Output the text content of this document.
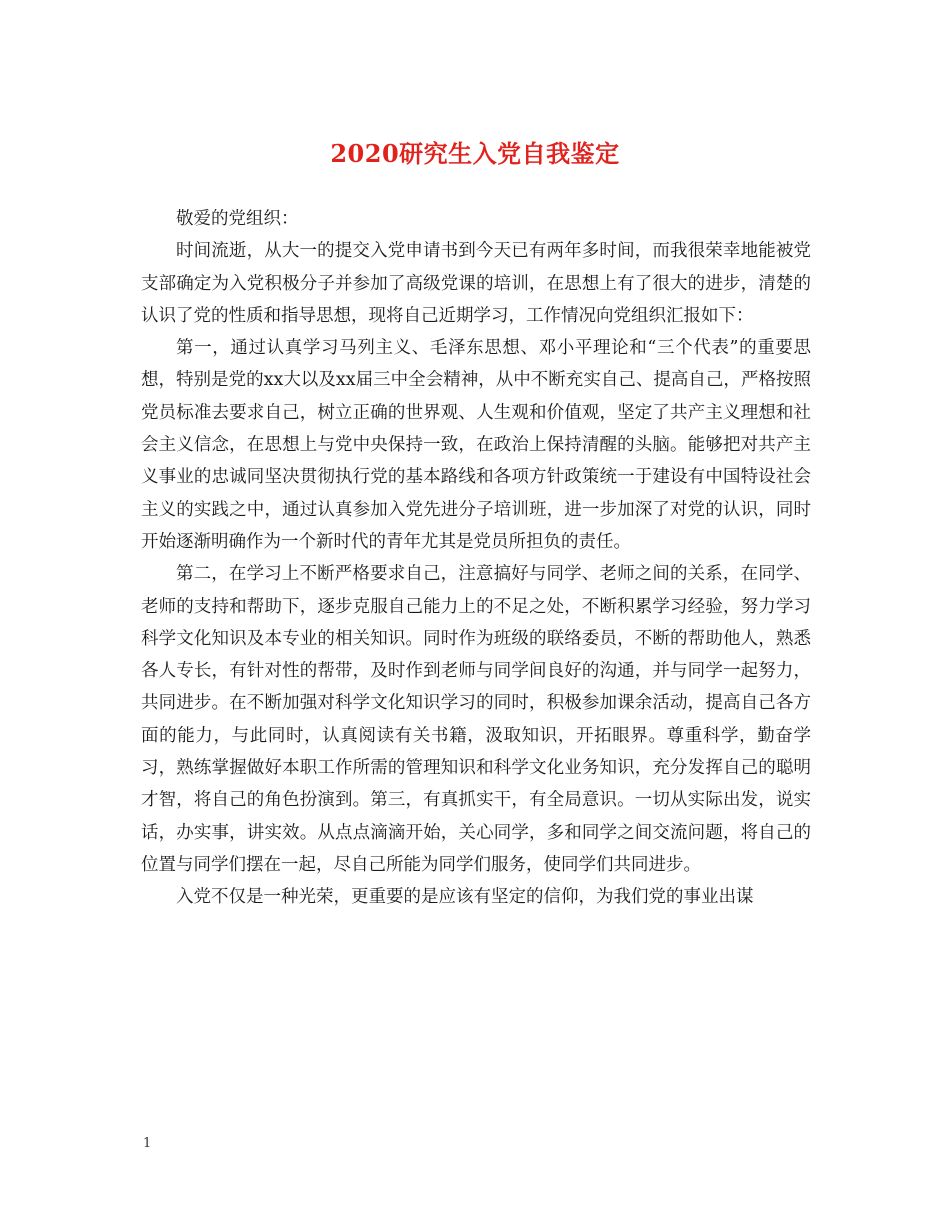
2020研究生入党自我鉴定

敬爱的党组织：

时间流逝，从大一的提交入党申请书到今天已有两年多时间，而我很荣幸地能被党支部确定为入党积极分子并参加了高级党课的培训，在思想上有了很大的进步，清楚的认识了党的性质和指导思想，现将自己近期学习，工作情况向党组织汇报如下：

第一，通过认真学习马列主义、毛泽东思想、邓小平理论和“三个代表”的重要思想，特别是党的xx大以及xx届三中全会精神，从中不断充实自己、提高自己，严格按照党员标准去要求自己，树立正确的世界观、人生观和价值观，坚定了共产主义理想和社会主义信念，在思想上与党中央保持一致，在政治上保持清醒的头脑。能够把对共产主义事业的忠诚同坚决贯彻执行党的基本路线和各项方针政策统一于建设有中国特设社会主义的实践之中，通过认真参加入党先进分子培训班，进一步加深了对党的认识，同时开始逐渐明确作为一个新时代的青年尤其是党员所担负的责任。

第二，在学习上不断严格要求自己，注意搞好与同学、老师之间的关系，在同学、老师的支持和帮助下，逐步克服自己能力上的不足之处，不断积累学习经验，努力学习科学文化知识及本专业的相关知识。同时作为班级的联络委员，不断的帮助他人，熟悉各人专长，有针对性的帮带，及时作到老师与同学间良好的沟通，并与同学一起努力，共同进步。在不断加强对科学文化知识学习的同时，积极参加课余活动，提高自己各方面的能力，与此同时，认真阅读有关书籍，汲取知识，开拓眼界。尊重科学，勤奋学习，熟练掌握做好本职工作所需的管理知识和科学文化业务知识，充分发挥自己的聪明才智，将自己的角色扮演到。第三，有真抓实干，有全局意识。一切从实际出发，说实话，办实事，讲实效。从点点滴滴开始，关心同学，多和同学之间交流问题，将自己的位置与同学们摆在一起，尽自己所能为同学们服务，使同学们共同进步。

入党不仅是一种光荣，更重要的是应该有坚定的信仰，为我们党的事业出谋

1
